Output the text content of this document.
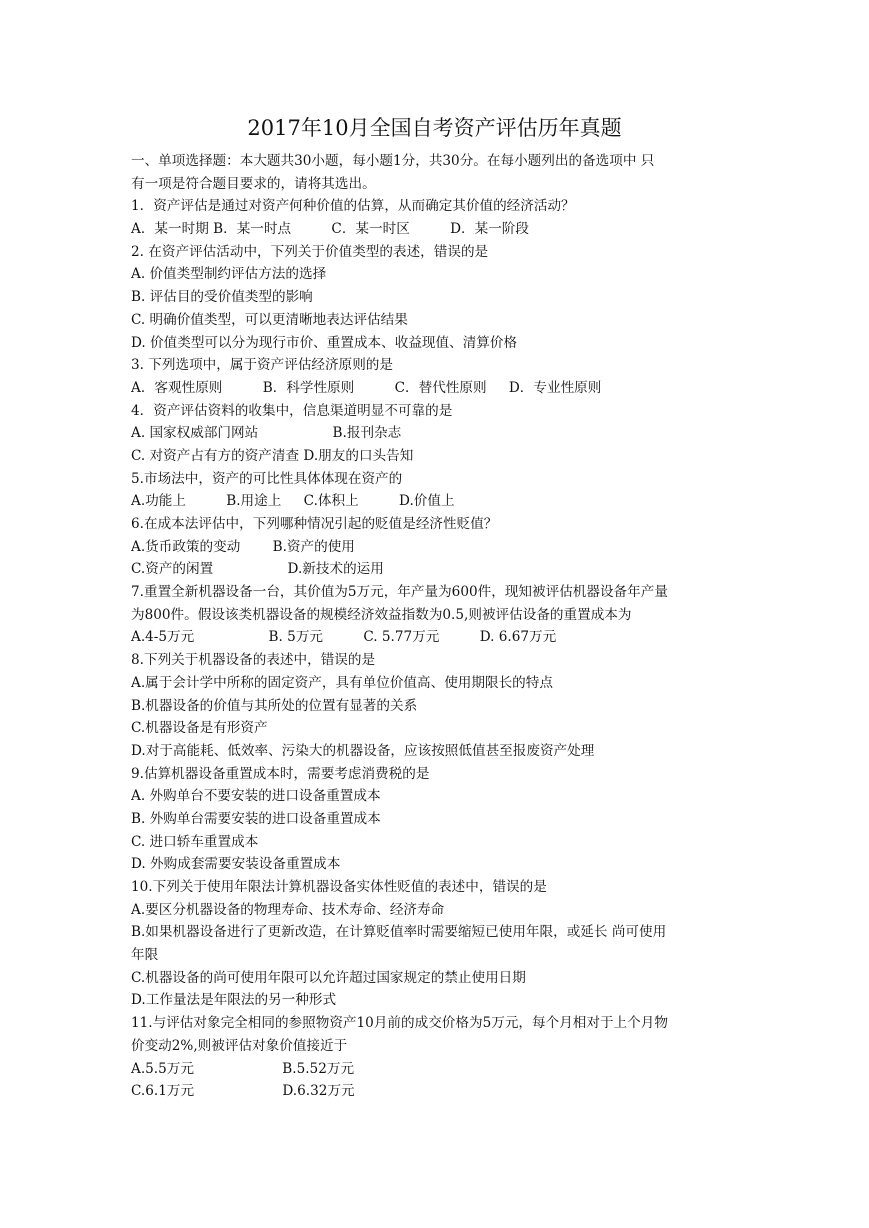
2017年10月全国自考资产评估历年真题
一、单项选择题：本大题共30小题，每小题1分，共30分。在每小题列出的备选项中 只
有一项是符合题目要求的，请将其选出。
1．资产评估是通过对资产何种价值的估算，从而确定其价值的经济活动？
A．某一时期 B．某一时点	C．某一时区	D．某一阶段
2. 在资产评估活动中，下列关于价值类型的表述，错误的是
A. 价值类型制约评估方法的选择
B. 评估目的受价值类型的影响
C. 明确价值类型，可以更清晰地表达评估结果
D. 价值类型可以分为现行市价、重置成本、收益现值、清算价格
3. 下列选项中，属于资产评估经济原则的是
A．客观性原则	B．科学性原则	C．替代性原则 D．专业性原则
4．资产评估资料的收集中，信息渠道明显不可靠的是
A. 国家权威部门网站	B.报刊杂志
C. 对资产占有方的资产清查 D.朋友的口头告知
5.市场法中，资产的可比性具体体现在资产的
A.功能上	B.用途上 C.体积上	D.价值上
6.在成本法评估中，下列哪种情况引起的贬值是经济性贬值？
A.货币政策的变动 B.资产的使用
C.资产的闲置	D.新技术的运用
7.重置全新机器设备一台，其价值为5万元，年产量为600件，现知被评估机器设备年产量
为800件。假设该类机器设备的规模经济效益指数为0.5,则被评估设备的重置成本为
A.4-5万元	B. 5万元	C. 5.77万元	D. 6.67万元
8.下列关于机器设备的表述中，错误的是
A.属于会计学中所称的固定资产，具有单位价值高、使用期限长的特点
B.机器设备的价值与其所处的位置有显著的关系
C.机器设备是有形资产
D.对于高能耗、低效率、污染大的机器设备，应该按照低值甚至报废资产处理
9.估算机器设备重置成本时，需要考虑消费税的是
A. 外购单台不要安装的进口设备重置成本
B. 外购单台需要安装的进口设备重置成本
C. 进口轿车重置成本
D. 外购成套需要安装设备重置成本
10.下列关于使用年限法计算机器设备实体性贬值的表述中，错误的是
A.要区分机器设备的物理寿命、技术寿命、经济寿命
B.如果机器设备进行了更新改造，在计算贬值率时需要缩短已使用年限，或延长 尚可使用
年限
C.机器设备的尚可使用年限可以允许超过国家规定的禁止使用日期
D.工作量法是年限法的另一种形式
11.与评估对象完全相同的参照物资产10月前的成交价格为5万元，每个月相对于上个月物
价变动2%,则被评估对象价值接近于
A.5.5万元	B.5.52万元
C.6.1万元	D.6.32万元
